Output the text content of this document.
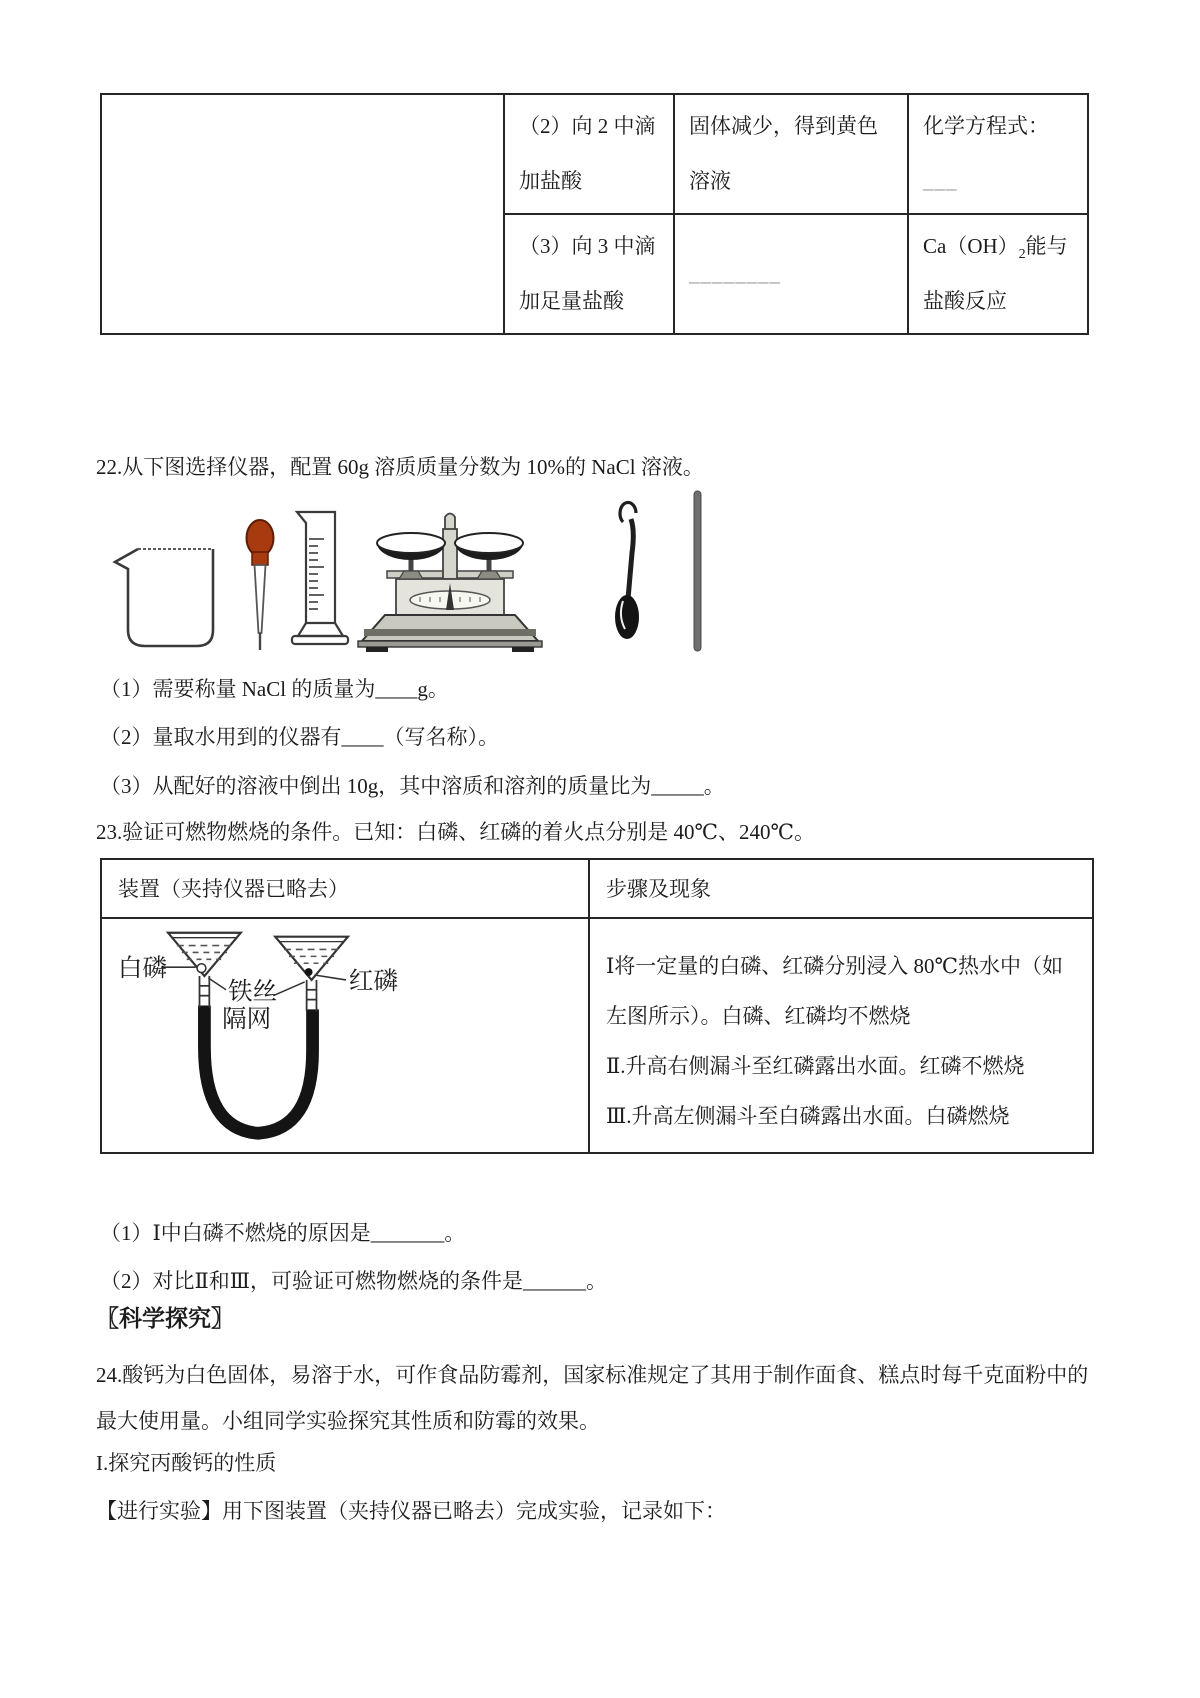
	（2）向 2 中滴加盐酸	固体减少，得到黄色溶液	化学方程式：___
	（3）向 3 中滴加足量盐酸	________	$Ca(OH)_2$能与盐酸反应
22.从下图选择仪器，配置 60g 溶质质量分数为 10%的 NaCl 溶液。
（1）需要称量 NaCl 的质量为____g。
（2）量取水用到的仪器有____（写名称）。
（3）从配好的溶液中倒出 10g，其中溶质和溶剂的质量比为_____。
23.验证可燃物燃烧的条件。已知：白磷、红磷的着火点分别是 40℃、240℃。
装置（夹持仪器已略去）	步骤及现象

白磷	红磷
铁丝
隔网

Ⅰ将一定量的白磷、红磷分别浸入 80℃热水中（如左图所示）。白磷、红磷均不燃烧

Ⅱ.升高右侧漏斗至红磷露出水面。红磷不燃烧

Ⅲ.升高左侧漏斗至白磷露出水面。白磷燃烧

（1）Ⅰ中白磷不燃烧的原因是_______。
（2）对比Ⅱ和Ⅲ，可验证可燃物燃烧的条件是______。
〖科学探究〗
24.酸钙为白色固体，易溶于水，可作食品防霉剂，国家标准规定了其用于制作面食、糕点时每千克面粉中的最大使用量。小组同学实验探究其性质和防霉的效果。
I.探究丙酸钙的性质
【进行实验】用下图装置（夹持仪器已略去）完成实验，记录如下：
